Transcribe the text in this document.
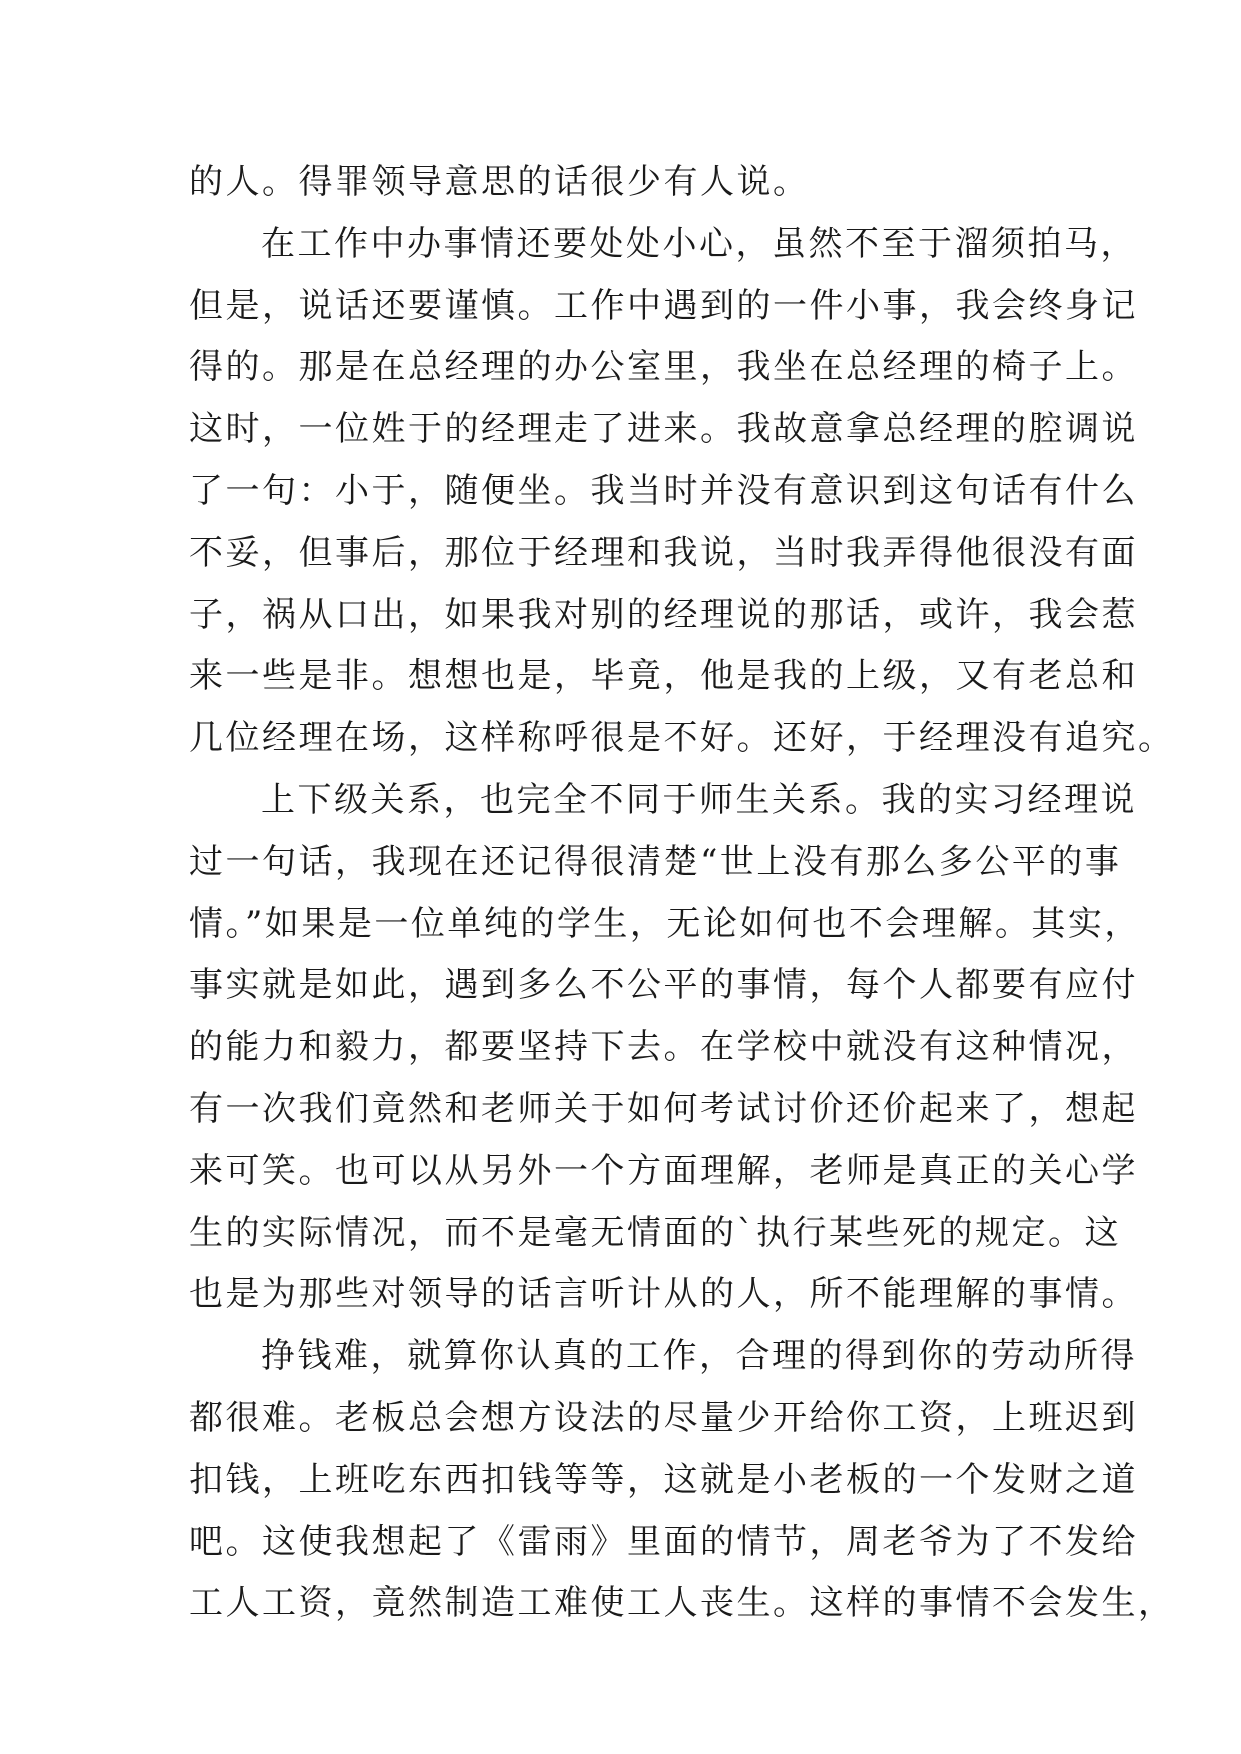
的人。得罪领导意思的话很少有人说。
在工作中办事情还要处处小心，虽然不至于溜须拍马，
但是，说话还要谨慎。工作中遇到的一件小事，我会终身记
得的。那是在总经理的办公室里，我坐在总经理的椅子上。
这时，一位姓于的经理走了进来。我故意拿总经理的腔调说
了一句：小于，随便坐。我当时并没有意识到这句话有什么
不妥，但事后，那位于经理和我说，当时我弄得他很没有面
子，祸从口出，如果我对别的经理说的那话，或许，我会惹
来一些是非。想想也是，毕竟，他是我的上级，又有老总和
几位经理在场，这样称呼很是不好。还好，于经理没有追究。
上下级关系，也完全不同于师生关系。我的实习经理说
过一句话，我现在还记得很清楚“世上没有那么多公平的事
情。”如果是一位单纯的学生，无论如何也不会理解。其实，
事实就是如此，遇到多么不公平的事情，每个人都要有应付
的能力和毅力，都要坚持下去。在学校中就没有这种情况，
有一次我们竟然和老师关于如何考试讨价还价起来了，想起
来可笑。也可以从另外一个方面理解，老师是真正的关心学
生的实际情况，而不是毫无情面的`执行某些死的规定。这
也是为那些对领导的话言听计从的人，所不能理解的事情。
挣钱难，就算你认真的工作，合理的得到你的劳动所得
都很难。老板总会想方设法的尽量少开给你工资，上班迟到
扣钱，上班吃东西扣钱等等，这就是小老板的一个发财之道
吧。这使我想起了《雷雨》里面的情节，周老爷为了不发给
工人工资，竟然制造工难使工人丧生。这样的事情不会发生，
